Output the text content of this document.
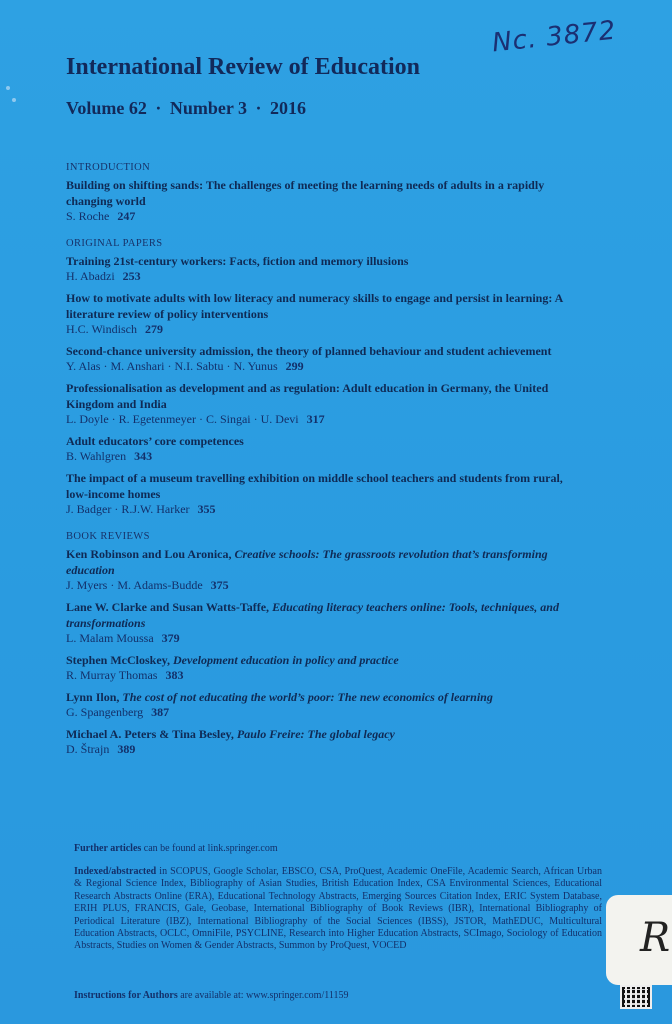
Nc. 3872
International Review of Education
Volume 62 · Number 3 · 2016
INTRODUCTION
Building on shifting sands: The challenges of meeting the learning needs of adults in a rapidly changing world
S. Roche 247
ORIGINAL PAPERS
Training 21st-century workers: Facts, fiction and memory illusions
H. Abadzi 253
How to motivate adults with low literacy and numeracy skills to engage and persist in learning: A literature review of policy interventions
H.C. Windisch 279
Second-chance university admission, the theory of planned behaviour and student achievement
Y. Alas · M. Anshari · N.I. Sabtu · N. Yunus 299
Professionalisation as development and as regulation: Adult education in Germany, the United Kingdom and India
L. Doyle · R. Egetenmeyer · C. Singai · U. Devi 317
Adult educators’ core competences
B. Wahlgren 343
The impact of a museum travelling exhibition on middle school teachers and students from rural, low-income homes
J. Badger · R.J.W. Harker 355
BOOK REVIEWS
Ken Robinson and Lou Aronica, Creative schools: The grassroots revolution that’s transforming education
J. Myers · M. Adams-Budde 375
Lane W. Clarke and Susan Watts-Taffe, Educating literacy teachers online: Tools, techniques, and transformations
L. Malam Moussa 379
Stephen McCloskey, Development education in policy and practice
R. Murray Thomas 383
Lynn Ilon, The cost of not educating the world’s poor: The new economics of learning
G. Spangenberg 387
Michael A. Peters & Tina Besley, Paulo Freire: The global legacy
D. Štrajn 389
Further articles can be found at link.springer.com
Indexed/abstracted in SCOPUS, Google Scholar, EBSCO, CSA, ProQuest, Academic OneFile, Academic Search, African Urban & Regional Science Index, Bibliography of Asian Studies, British Education Index, CSA Environmental Sciences, Educational Research Abstracts Online (ERA), Educational Technology Abstracts, Emerging Sources Citation Index, ERIC System Database, ERIH PLUS, FRANCIS, Gale, Geobase, International Bibliography of Book Reviews (IBR), International Bibliography of Periodical Literature (IBZ), International Bibliography of the Social Sciences (IBSS), JSTOR, MathEDUC, Multicultural Education Abstracts, OCLC, OmniFile, PSYCLINE, Research into Higher Education Abstracts, SCImago, Sociology of Education Abstracts, Studies on Women & Gender Abstracts, Summon by ProQuest, VOCED
Instructions for Authors are available at: www.springer.com/11159
R
